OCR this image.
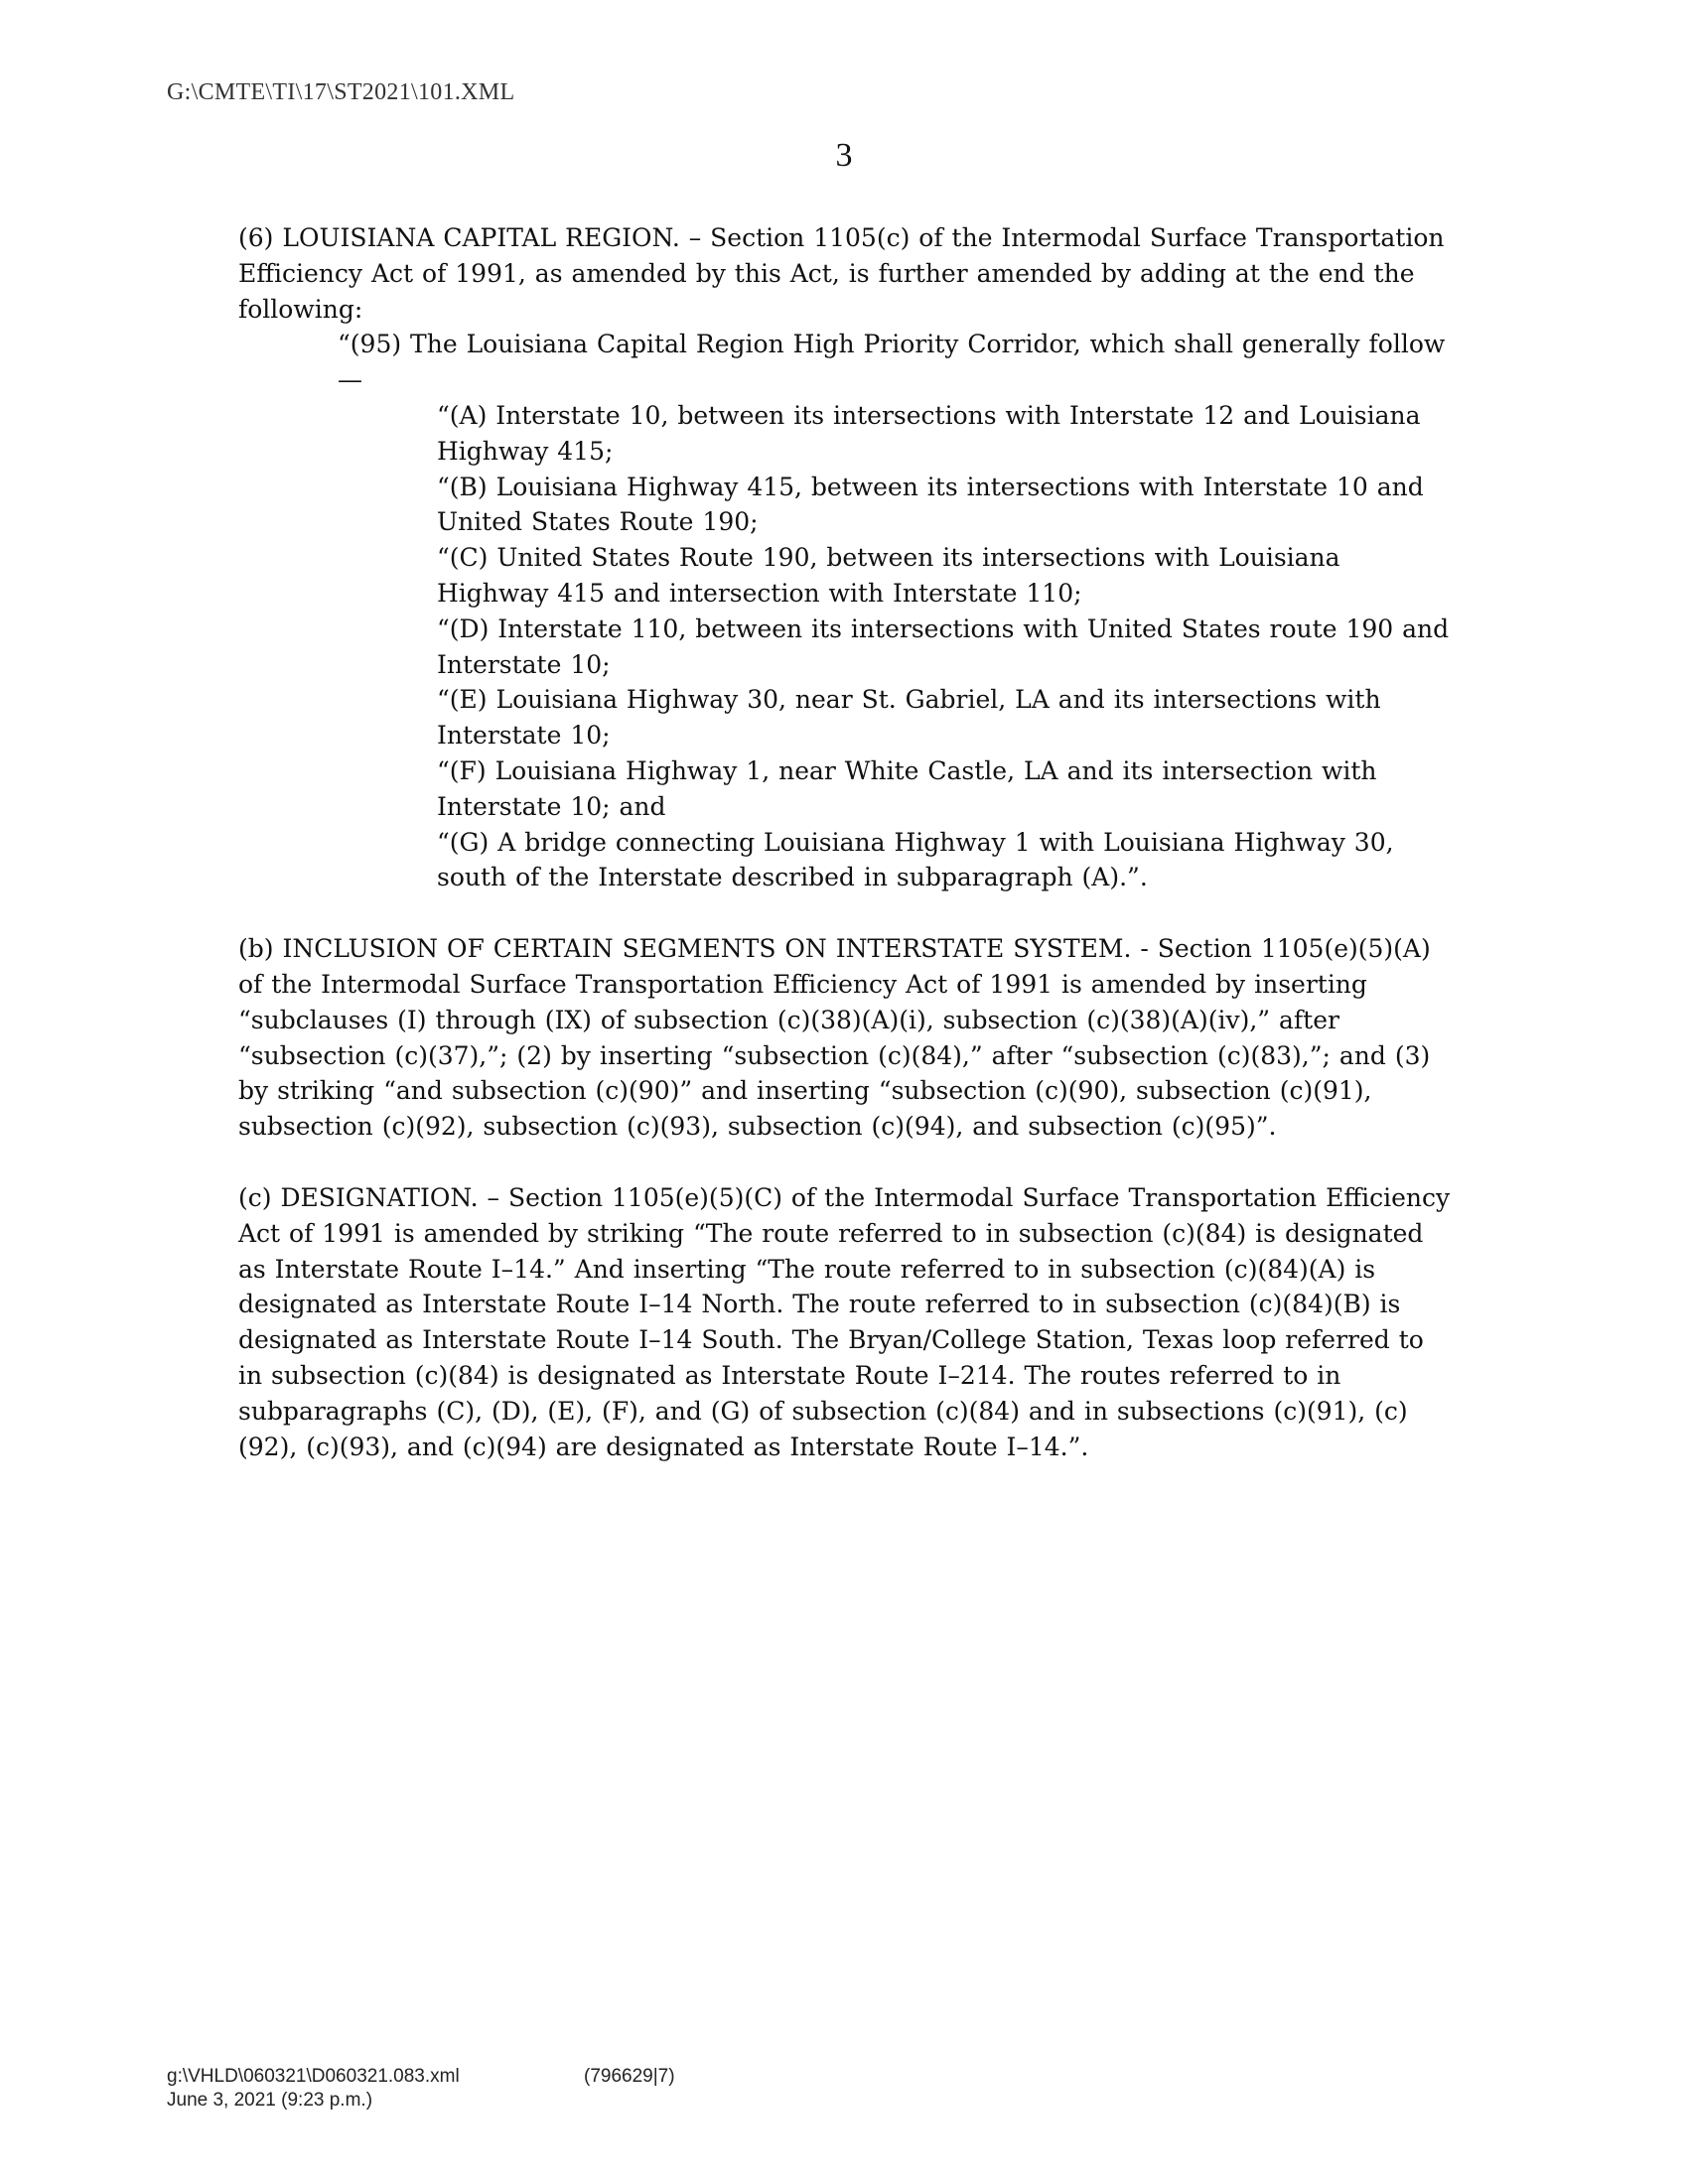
G:\CMTE\TI\17\ST2021\101.XML
3

(6) LOUISIANA CAPITAL REGION. – Section 1105(c) of the Intermodal Surface Transportation Efficiency Act of 1991, as amended by this Act, is further amended by adding at the end the following:

“(95) The Louisiana Capital Region High Priority Corridor, which shall generally follow—

“(A) Interstate 10, between its intersections with Interstate 12 and Louisiana Highway 415;

“(B) Louisiana Highway 415, between its intersections with Interstate 10 and United States Route 190;

“(C) United States Route 190, between its intersections with Louisiana Highway 415 and intersection with Interstate 110;

“(D) Interstate 110, between its intersections with United States route 190 and Interstate 10;

“(E) Louisiana Highway 30, near St. Gabriel, LA and its intersections with Interstate 10;

“(F) Louisiana Highway 1, near White Castle, LA and its intersection with Interstate 10; and

“(G) A bridge connecting Louisiana Highway 1 with Louisiana Highway 30, south of the Interstate described in subparagraph (A).”.

(b) INCLUSION OF CERTAIN SEGMENTS ON INTERSTATE SYSTEM. - Section 1105(e)(5)(A) of the Intermodal Surface Transportation Efficiency Act of 1991 is amended by inserting “subclauses (I) through (IX) of subsection (c)(38)(A)(i), subsection (c)(38)(A)(iv),” after “subsection (c)(37),”; (2) by inserting “subsection (c)(84),” after “subsection (c)(83),”; and (3) by striking “and subsection (c)(90)” and inserting “subsection (c)(90), subsection (c)(91), subsection (c)(92), subsection (c)(93), subsection (c)(94), and subsection (c)(95)”.

(c) DESIGNATION. – Section 1105(e)(5)(C) of the Intermodal Surface Transportation Efficiency Act of 1991 is amended by striking “The route referred to in subsection (c)(84) is designated as Interstate Route I–14.” And inserting “The route referred to in subsection (c)(84)(A) is designated as Interstate Route I–14 North. The route referred to in subsection (c)(84)(B) is designated as Interstate Route I–14 South. The Bryan/College Station, Texas loop referred to in subsection (c)(84) is designated as Interstate Route I–214. The routes referred to in subparagraphs (C), (D), (E), (F), and (G) of subsection (c)(84) and in subsections (c)(91), (c)(92), (c)(93), and (c)(94) are designated as Interstate Route I–14.”.

g:\VHLD\060321\D060321.083.xml	(796629|7)
June 3, 2021 (9:23 p.m.)
